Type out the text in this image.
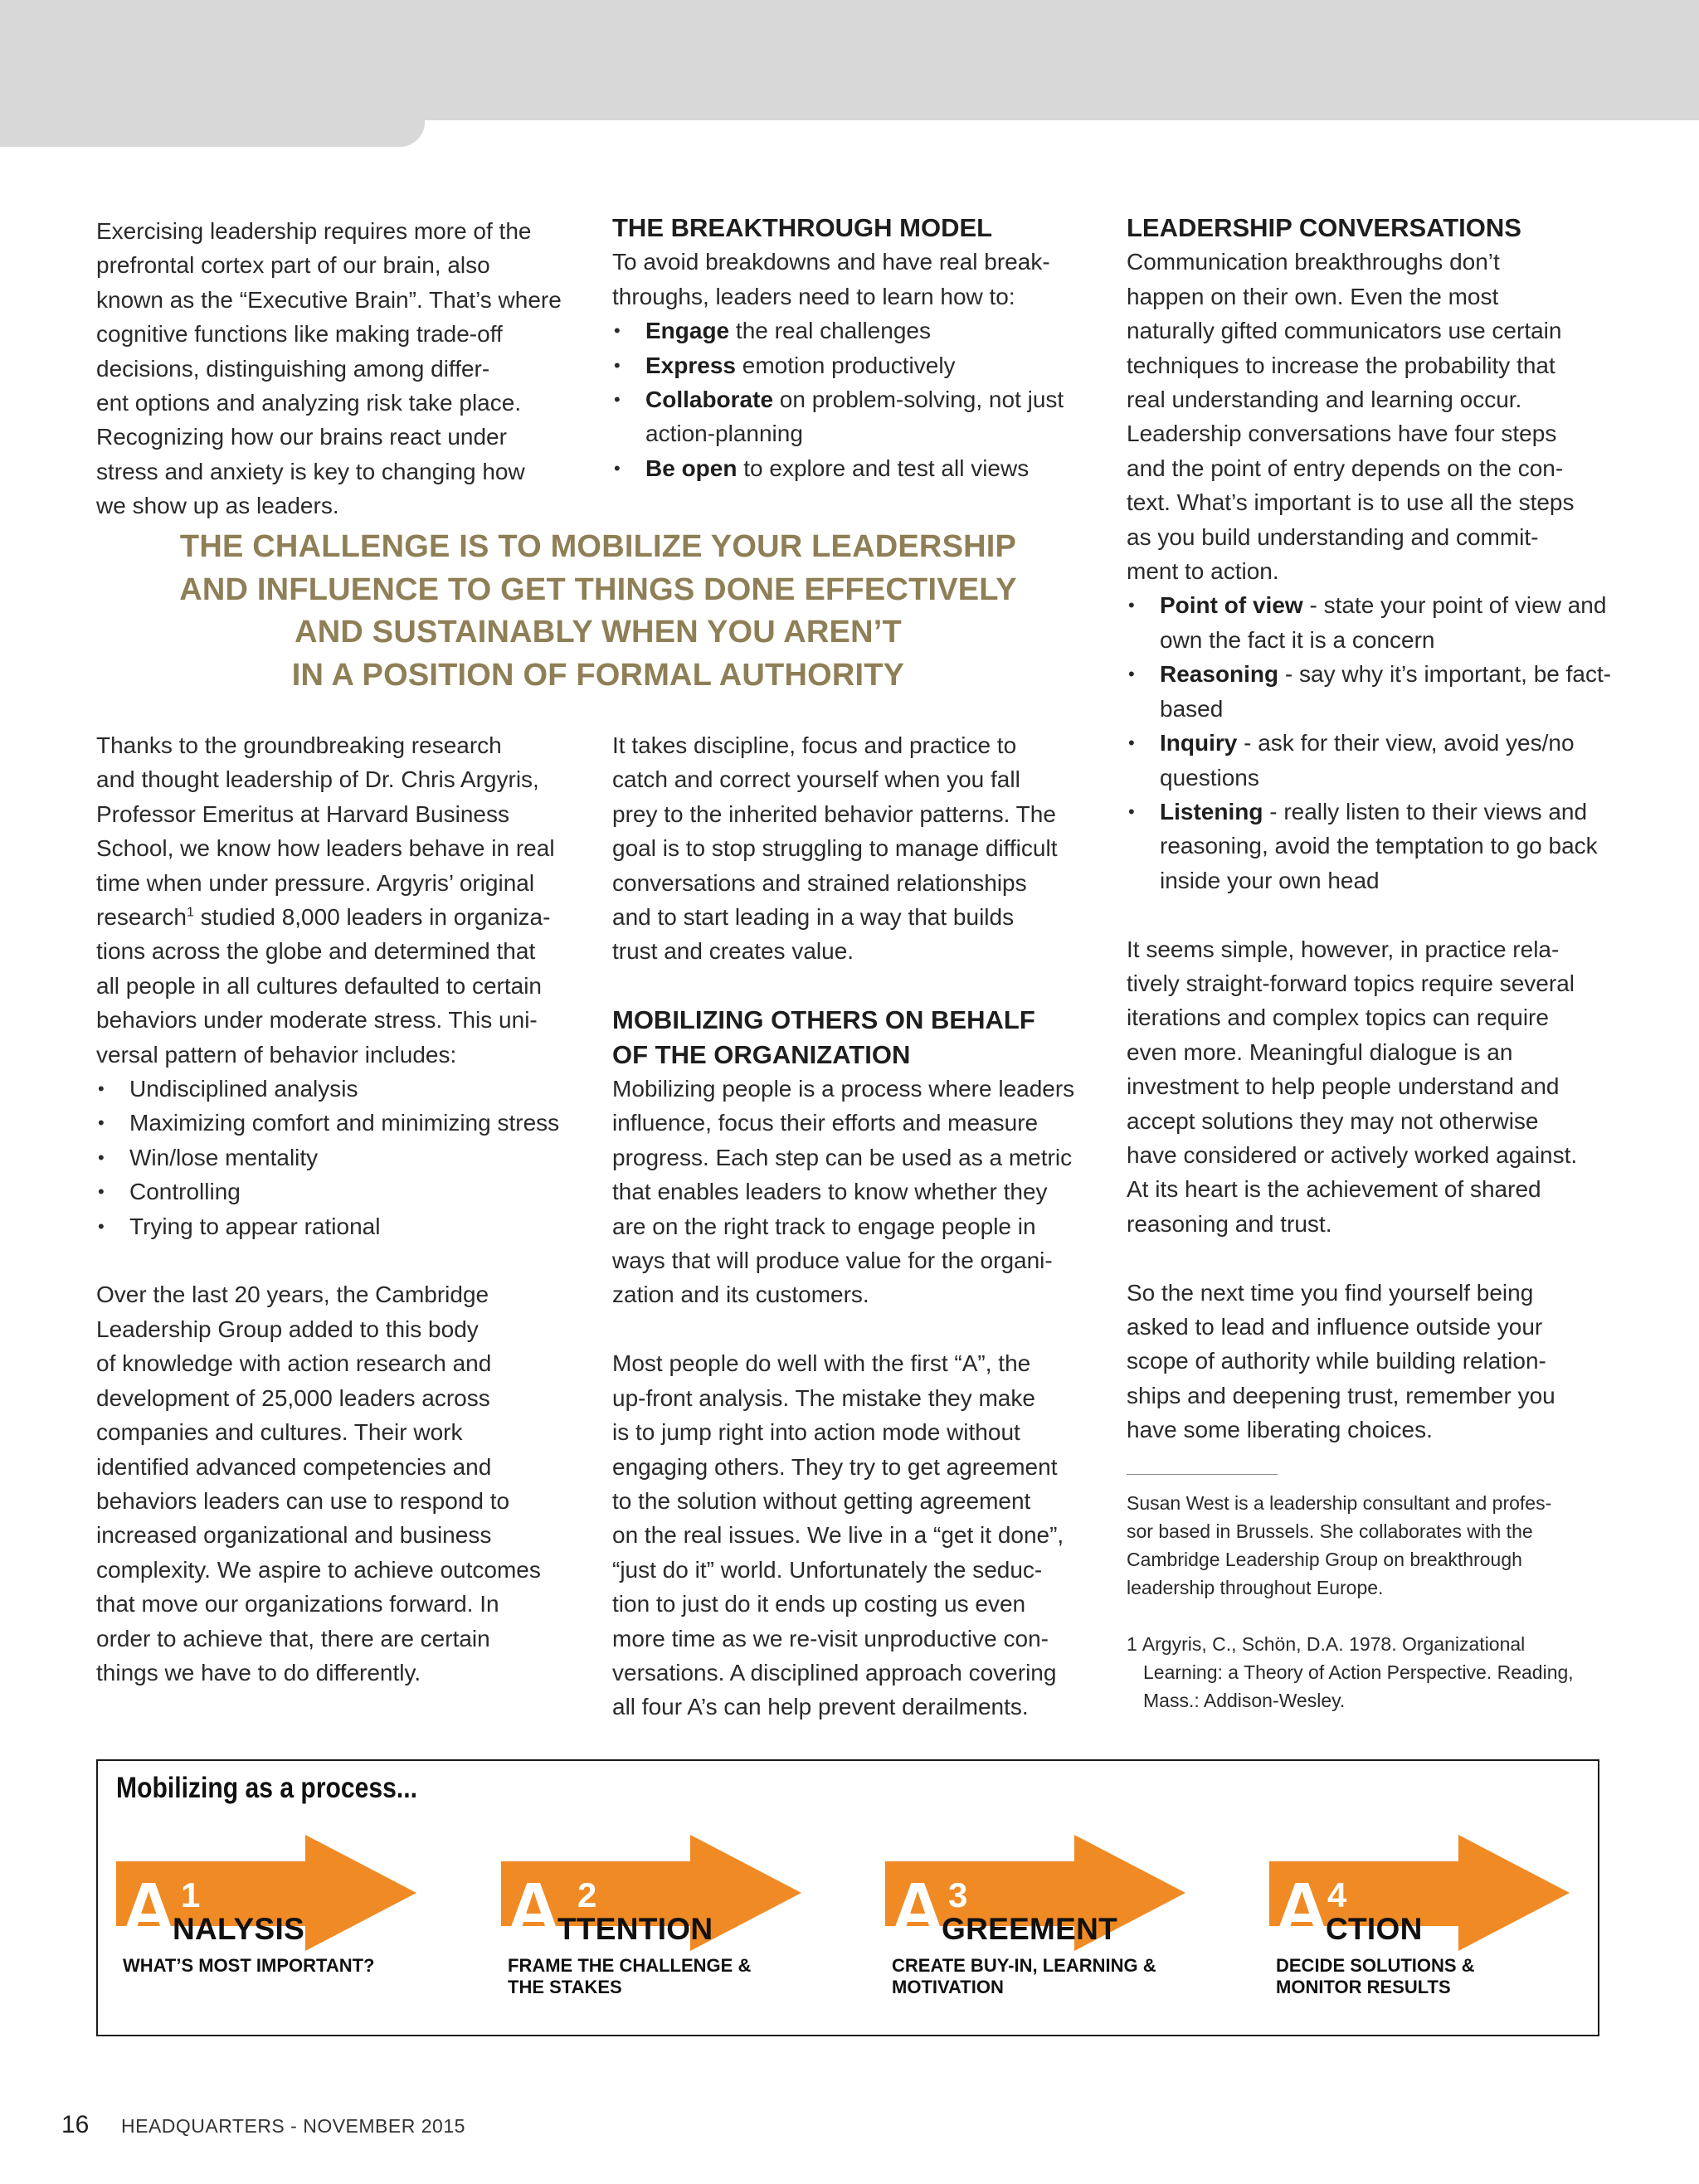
Exercising leadership requires more of the
prefrontal cortex part of our brain, also
known as the “Executive Brain”. That’s where
cognitive functions like making trade-off
decisions, distinguishing among differ-
ent options and analyzing risk take place.
Recognizing how our brains react under
stress and anxiety is key to changing how
we show up as leaders.
THE BREAKTHROUGH MODEL
To avoid breakdowns and have real break-
throughs, leaders need to learn how to:
• Engage the real challenges
• Express emotion productively
• Collaborate on problem-solving, not just action-planning
• Be open to explore and test all views
LEADERSHIP CONVERSATIONS
Communication breakthroughs don’t
happen on their own. Even the most
naturally gifted communicators use certain
techniques to increase the probability that
real understanding and learning occur.
Leadership conversations have four steps
and the point of entry depends on the con-
text. What’s important is to use all the steps
as you build understanding and commit-
ment to action.
• Point of view - state your point of view and own the fact it is a concern
• Reasoning - say why it’s important, be fact-based
• Inquiry - ask for their view, avoid yes/no questions
• Listening - really listen to their views and reasoning, avoid the temptation to go back inside your own head
It seems simple, however, in practice rela-
tively straight-forward topics require several
iterations and complex topics can require
even more. Meaningful dialogue is an
investment to help people understand and
accept solutions they may not otherwise
have considered or actively worked against.
At its heart is the achievement of shared
reasoning and trust.
So the next time you find yourself being
asked to lead and influence outside your
scope of authority while building relation-
ships and deepening trust, remember you
have some liberating choices.
THE CHALLENGE IS TO MOBILIZE YOUR LEADERSHIP
AND INFLUENCE TO GET THINGS DONE EFFECTIVELY
AND SUSTAINABLY WHEN YOU AREN’T
IN A POSITION OF FORMAL AUTHORITY
Thanks to the groundbreaking research
and thought leadership of Dr. Chris Argyris,
Professor Emeritus at Harvard Business
School, we know how leaders behave in real
time when under pressure. Argyris’ original
research$^1$ studied 8,000 leaders in organiza-
tions across the globe and determined that
all people in all cultures defaulted to certain
behaviors under moderate stress. This uni-
versal pattern of behavior includes:
• Undisciplined analysis
• Maximizing comfort and minimizing stress
• Win/lose mentality
• Controlling
• Trying to appear rational
Over the last 20 years, the Cambridge
Leadership Group added to this body
of knowledge with action research and
development of 25,000 leaders across
companies and cultures. Their work
identified advanced competencies and
behaviors leaders can use to respond to
increased organizational and business
complexity. We aspire to achieve outcomes
that move our organizations forward. In
order to achieve that, there are certain
things we have to do differently.
It takes discipline, focus and practice to
catch and correct yourself when you fall
prey to the inherited behavior patterns. The
goal is to stop struggling to manage difficult
conversations and strained relationships
and to start leading in a way that builds
trust and creates value.
MOBILIZING OTHERS ON BEHALF
OF THE ORGANIZATION
Mobilizing people is a process where leaders
influence, focus their efforts and measure
progress. Each step can be used as a metric
that enables leaders to know whether they
are on the right track to engage people in
ways that will produce value for the organi-
zation and its customers.
Most people do well with the first “A”, the
up-front analysis. The mistake they make
is to jump right into action mode without
engaging others. They try to get agreement
to the solution without getting agreement
on the real issues. We live in a “get it done”,
“just do it” world. Unfortunately the seduc-
tion to just do it ends up costing us even
more time as we re-visit unproductive con-
versations. A disciplined approach covering
all four A’s can help prevent derailments.
Susan West is a leadership consultant and profes-
sor based in Brussels. She collaborates with the
Cambridge Leadership Group on breakthrough
leadership throughout Europe.
1 Argyris, C., Schön, D.A. 1978. Organizational Learning: a Theory of Action Perspective. Reading, Mass.: Addison-Wesley.
Mobilizing as a process...
A 1
NALYSIS
WHAT’S MOST IMPORTANT?
A 2
TTENTION
FRAME THE CHALLENGE &
THE STAKES
A 3
GREEMENT
CREATE BUY-IN, LEARNING &
MOTIVATION
A
4
CTION
DECIDE SOLUTIONS &
MONITOR RESULTS
16 HEADQUARTERS - NOVEMBER 2015
